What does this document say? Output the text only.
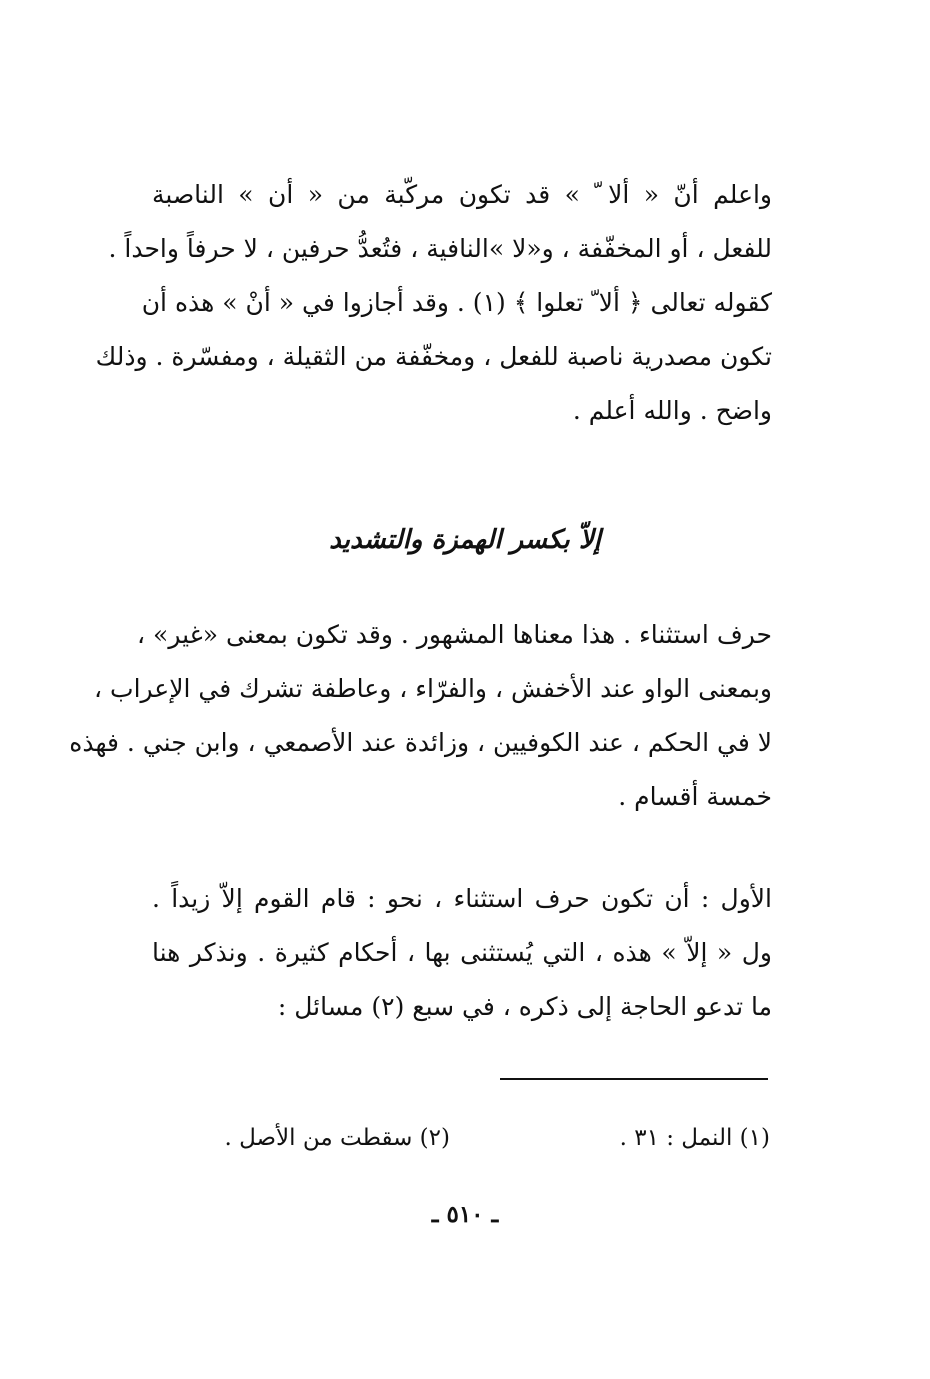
واعلم أنّ « ألا ّ » قد تكون مركّبة من « أن » الناصبة
للفعل ، أو المخفّفة ، و«لا »النافية ، فتُعدُّ حرفين ، لا حرفاً واحداً .
كقوله تعالى ﴿ ألا ّ تعلوا ﴾ (١) . وقد أجازوا في « أنْ » هذه أن
تكون مصدرية ناصبة للفعل ، ومخفّفة من الثقيلة ، ومفسّرة . وذلك
واضح . والله أعلم .
إلاّ بكسر الهمزة والتشديد
حرف استثناء . هذا معناها المشهور . وقد تكون بمعنى «غير» ،
وبمعنى الواو عند الأخفش ، والفرّاء ، وعاطفة تشرك في الإعراب ،
لا في الحكم ، عند الكوفيين ، وزائدة عند الأصمعي ، وابن جني . فهذه
خمسة أقسام .
الأول : أن تكون حرف استثناء ، نحو : قام القوم إلاّ زيداً .
ول « إلاّ » هذه ، التي يُستثنى بها ، أحكام كثيرة . ونذكر هنا
ما تدعو الحاجة إلى ذكره ، في سبع (٢) مسائل :
(١) النمل : ٣١ .
(٢) سقطت من الأصل .
ـ ٥١٠ ـ
